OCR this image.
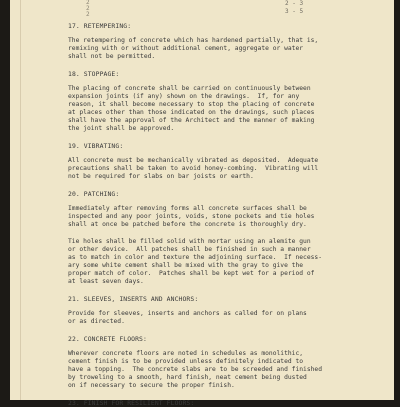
2
2
2
2 - 3
3 - 5

17. RETEMPERING:

The retempering of concrete which has hardened partially, that is,
remixing with or without additional cement, aggregate or water
shall not be permitted.

18. STOPPAGE:

The placing of concrete shall be carried on continuously between
expansion joints (if any) shown on the drawings.  If, for any
reason, it shall become necessary to stop the placing of concrete
at places other than those indicated on the drawings, such places
shall have the approval of the Architect and the manner of making
the joint shall be approved.

19. VIBRATING:

All concrete must be mechanically vibrated as deposited.  Adequate
precautions shall be taken to avoid honey-combing.  Vibrating will
not be required for slabs on bar joists or earth.

20. PATCHING:

Immediately after removing forms all concrete surfaces shall be
inspected and any poor joints, voids, stone pockets and tie holes
shall at once be patched before the concrete is thoroughly dry.
Tie holes shall be filled solid with mortar using an alemite gun
or other device.  All patches shall be finished in such a manner
as to match in color and texture the adjoining surface.  If necess-
ary some white cement shall be mixed with the gray to give the
proper match of color.  Patches shall be kept wet for a period of
at least seven days.

21. SLEEVES, INSERTS AND ANCHORS:

Provide for sleeves, inserts and anchors as called for on plans
or as directed.

22. CONCRETE FLOORS:

Wherever concrete floors are noted in schedules as monolithic,
cement finish is to be provided unless definitely indicated to
have a topping.  The concrete slabs are to be screeded and finished
by troweling to a smooth, hard finish, neat cement being dusted
on if necessary to secure the proper finish.

23. FINISH FOR RESILIENT FLOORS:
